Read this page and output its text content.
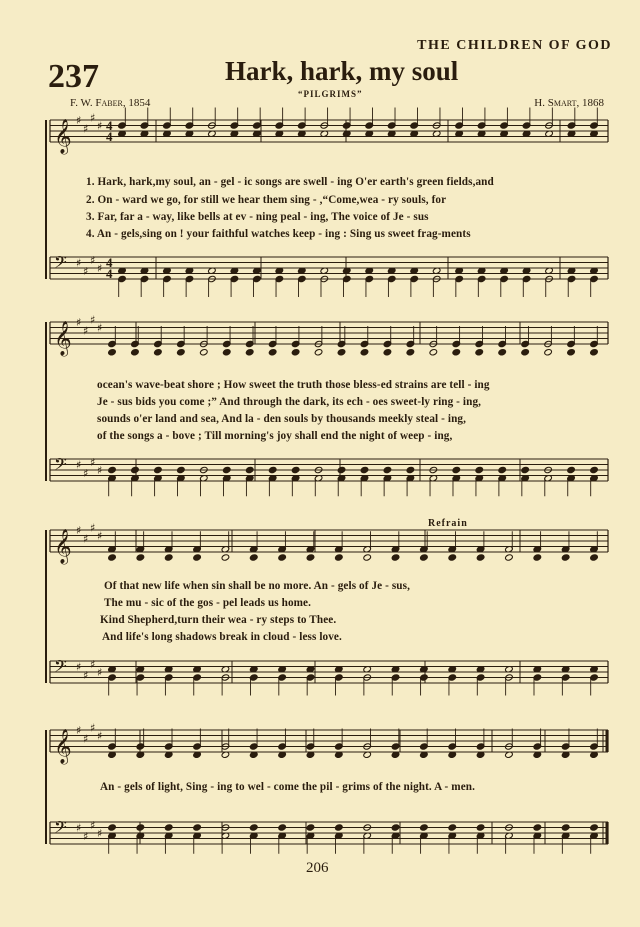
THE CHILDREN OF GOD
237	Hark, hark, my soul
“PILGRIMS”
F. W. Faber, 1854	H. Smart, 1868
Refrain
𝄞 ♯
♯
♯
♯ 4
4
𝄢 ♯
♯
♯
♯ 4
4
𝄞 ♯
♯
♯
♯
𝄢 ♯
♯
♯
♯
𝄞 ♯
♯
♯
♯
𝄢 ♯
♯
♯
♯
𝄞 ♯
♯
♯
♯
𝄢 ♯
♯
♯
♯
1. Hark, hark,my soul, an - gel - ic songs are swell - ing O'er earth's green fields,and
2. On - ward we go, for still we hear them sing - ,“Come,wea - ry souls, for
3. Far, far a - way, like bells at ev - ning peal - ing, The voice of Je - sus
4. An - gels,sing on ! your faithful watches keep - ing : Sing us sweet frag-ments
ocean's wave-beat shore ; How sweet the truth those bless-ed strains are tell - ing
Je - sus bids you come ;” And through the dark, its ech - oes sweet-ly ring - ing,
sounds o'er land and sea, And la - den souls by thousands meekly steal - ing,
of the songs a - bove ; Till morning's joy shall end the night of weep - ing,
Of that new life when sin shall be no more. An - gels of Je - sus,
The mu - sic of the gos - pel leads us home.
Kind Shepherd,turn their wea - ry steps to Thee.
And life's long shadows break in cloud - less love.
An - gels of light, Sing - ing to wel - come the pil - grims of the night. A - men.
206
